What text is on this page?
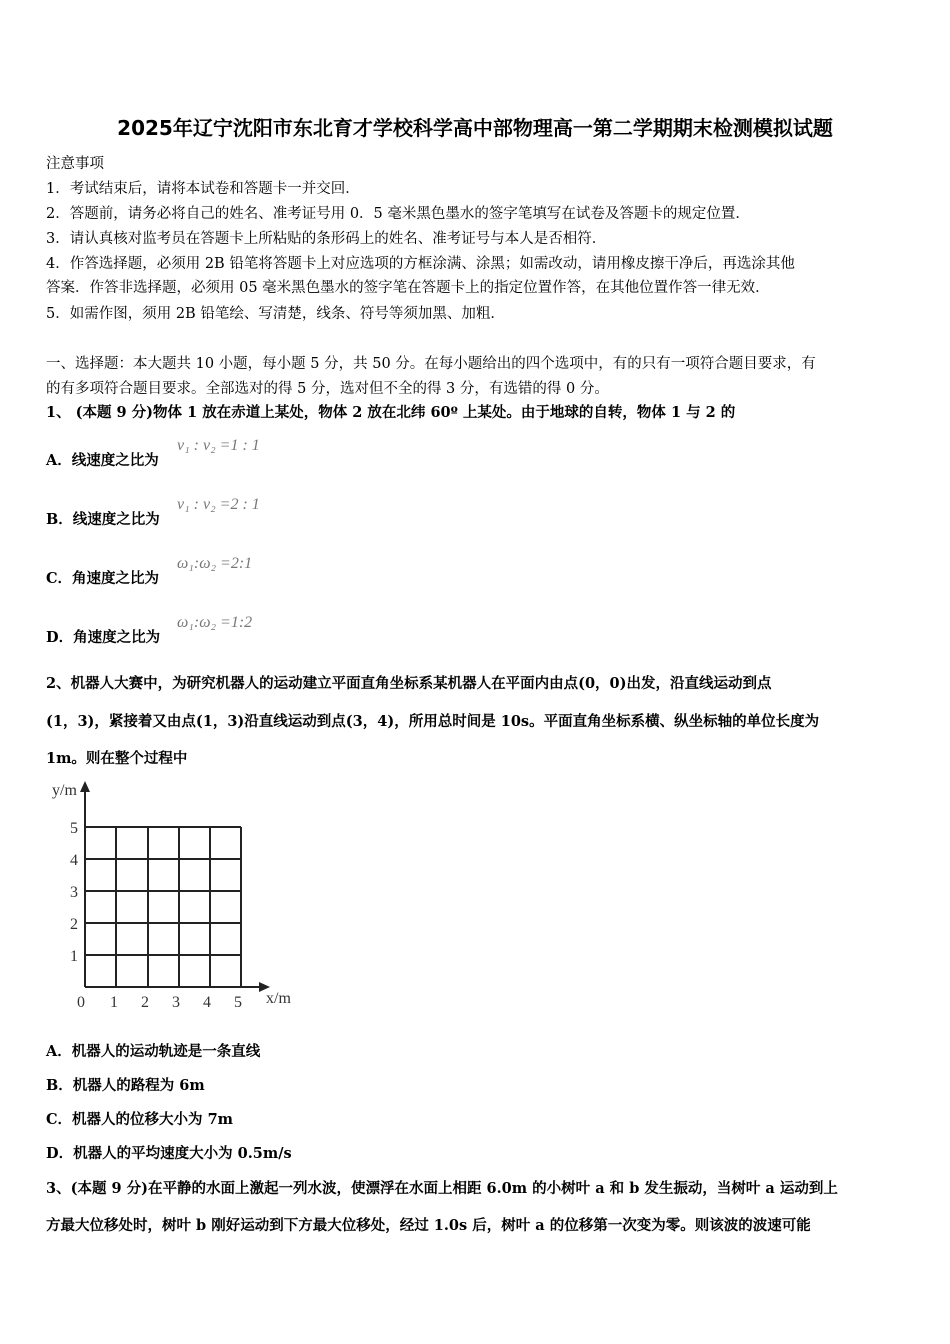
2025年辽宁沈阳市东北育才学校科学高中部物理高一第二学期期末检测模拟试题
注意事项
1．考试结束后，请将本试卷和答题卡一并交回．
2．答题前，请务必将自己的姓名、准考证号用 0．5 毫米黑色墨水的签字笔填写在试卷及答题卡的规定位置．
3．请认真核对监考员在答题卡上所粘贴的条形码上的姓名、准考证号与本人是否相符．
4．作答选择题，必须用 2B 铅笔将答题卡上对应选项的方框涂满、涂黑；如需改动，请用橡皮擦干净后，再选涂其他
答案．作答非选择题，必须用 05 毫米黑色墨水的签字笔在答题卡上的指定位置作答，在其他位置作答一律无效．
5．如需作图，须用 2B 铅笔绘、写清楚，线条、符号等须加黑、加粗．
一、选择题：本大题共 10 小题，每小题 5 分，共 50 分。在每小题给出的四个选项中，有的只有一项符合题目要求，有
的有多项符合题目要求。全部选对的得 5 分，选对但不全的得 3 分，有选错的得 0 分。
1、 (本题 9 分)物体 1 放在赤道上某处，物体 2 放在北纬 60º 上某处。由于地球的自转，物体 1 与 2 的
A．线速度之比为
v₁ : v₂ =1 : 1
B．线速度之比为
v₁ : v₂ =2 : 1
C．角速度之比为
ω₁:ω₂ =2:1
D．角速度之比为
ω₁:ω₂ =1:2
2、机器人大赛中，为研究机器人的运动建立平面直角坐标系某机器人在平面内由点(0，0)出发，沿直线运动到点
(1，3)，紧接着又由点(1，3)沿直线运动到点(3，4)，所用总时间是 10s。平面直角坐标系横、纵坐标轴的单位长度为
1m。则在整个过程中
y/m
x/m
0 1 2 3 4 5
1
2
3
4
5
A．机器人的运动轨迹是一条直线
B．机器人的路程为 6m
C．机器人的位移大小为 7m
D．机器人的平均速度大小为 0.5m/s
3、(本题 9 分)在平静的水面上激起一列水波，使漂浮在水面上相距 6.0m 的小树叶 a 和 b 发生振动，当树叶 a 运动到上
方最大位移处时，树叶 b 刚好运动到下方最大位移处，经过 1.0s 后，树叶 a 的位移第一次变为零。则该波的波速可能
